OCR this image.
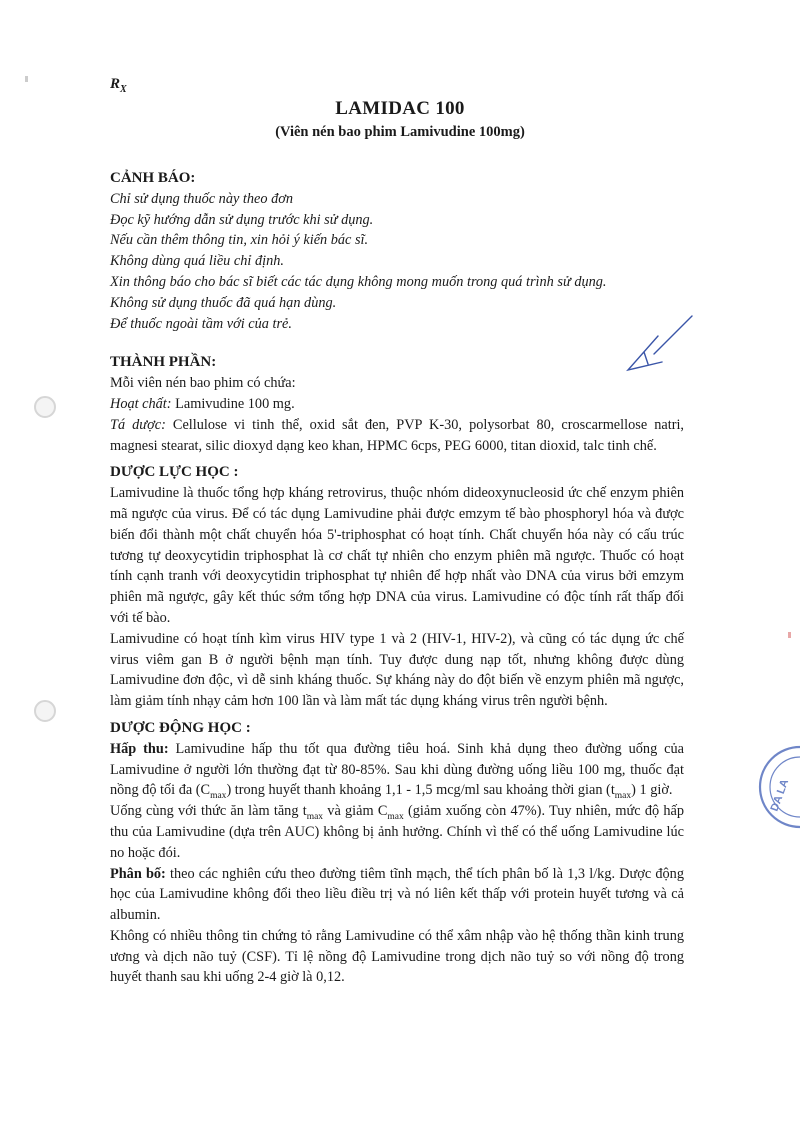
$R_X$
LAMIDAC 100
(Viên nén bao phim Lamivudine 100mg)
CẢNH BÁO:
Chỉ sử dụng thuốc này theo đơn
Đọc kỹ hướng dẫn sử dụng trước khi sử dụng.
Nếu cần thêm thông tin, xin hỏi ý kiến bác sĩ.
Không dùng quá liều chỉ định.
Xin thông báo cho bác sĩ biết các tác dụng không mong muốn trong quá trình sử dụng.
Không sử dụng thuốc đã quá hạn dùng.
Để thuốc ngoài tầm với của trẻ.
THÀNH PHẦN:

Mỗi viên nén bao phim có chứa:

Hoạt chất: Lamivudine 100 mg.

Tá dược: Cellulose vi tinh thể, oxid sắt đen, PVP K-30, polysorbat 80, croscarmellose natri, magnesi stearat, silic dioxyd dạng keo khan, HPMC 6cps, PEG 6000, titan dioxid, talc tinh chế.

DƯỢC LỰC HỌC :

Lamivudine là thuốc tổng hợp kháng retrovirus, thuộc nhóm dideoxynucleosid ức chế enzym phiên mã ngược của virus. Để có tác dụng Lamivudine phải được emzym tế bào phosphoryl hóa và được biến đổi thành một chất chuyển hóa 5'-triphosphat có hoạt tính. Chất chuyển hóa này có cấu trúc tương tự deoxycytidin triphosphat là cơ chất tự nhiên cho enzym phiên mã ngược. Thuốc có hoạt tính cạnh tranh với deoxycytidin triphosphat tự nhiên để hợp nhất vào DNA của virus bởi emzym phiên mã ngược, gây kết thúc sớm tổng hợp DNA của virus. Lamivudine có độc tính rất thấp đối với tế bào.

Lamivudine có hoạt tính kìm virus HIV type 1 và 2 (HIV-1, HIV-2), và cũng có tác dụng ức chế virus viêm gan B ở người bệnh mạn tính. Tuy được dung nạp tốt, nhưng không được dùng Lamivudine đơn độc, vì dễ sinh kháng thuốc. Sự kháng này do đột biến về enzym phiên mã ngược, làm giảm tính nhạy cảm hơn 100 lần và làm mất tác dụng kháng virus trên người bệnh.

DƯỢC ĐỘNG HỌC :

Hấp thu: Lamivudine hấp thu tốt qua đường tiêu hoá. Sinh khả dụng theo đường uống của Lamivudine ở người lớn thường đạt từ 80-85%. Sau khi dùng đường uống liều 100 mg, thuốc đạt nồng độ tối đa $(C_{max})$ trong huyết thanh khoảng 1,1 - 1,5 mcg/ml sau khoảng thời gian $(t_{max})$ 1 giờ.

Uống cùng với thức ăn làm tăng $t_{max}$ và giảm $C_{max}$ (giảm xuống còn 47%). Tuy nhiên, mức độ hấp thu của Lamivudine (dựa trên AUC) không bị ảnh hưởng. Chính vì thế có thể uống Lamivudine lúc no hoặc đói.

Phân bố: theo các nghiên cứu theo đường tiêm tĩnh mạch, thể tích phân bố là 1,3 l/kg. Dược động học của Lamivudine không đổi theo liều điều trị và nó liên kết thấp với protein huyết tương và cả albumin.

Không có nhiều thông tin chứng tỏ rằng Lamivudine có thể xâm nhập vào hệ thống thần kinh trung ương và dịch não tuỷ (CSF). Tỉ lệ nồng độ Lamivudine trong dịch não tuỷ so với nồng độ trong huyết thanh sau khi uống 2-4 giờ là 0,12.

DA LA
